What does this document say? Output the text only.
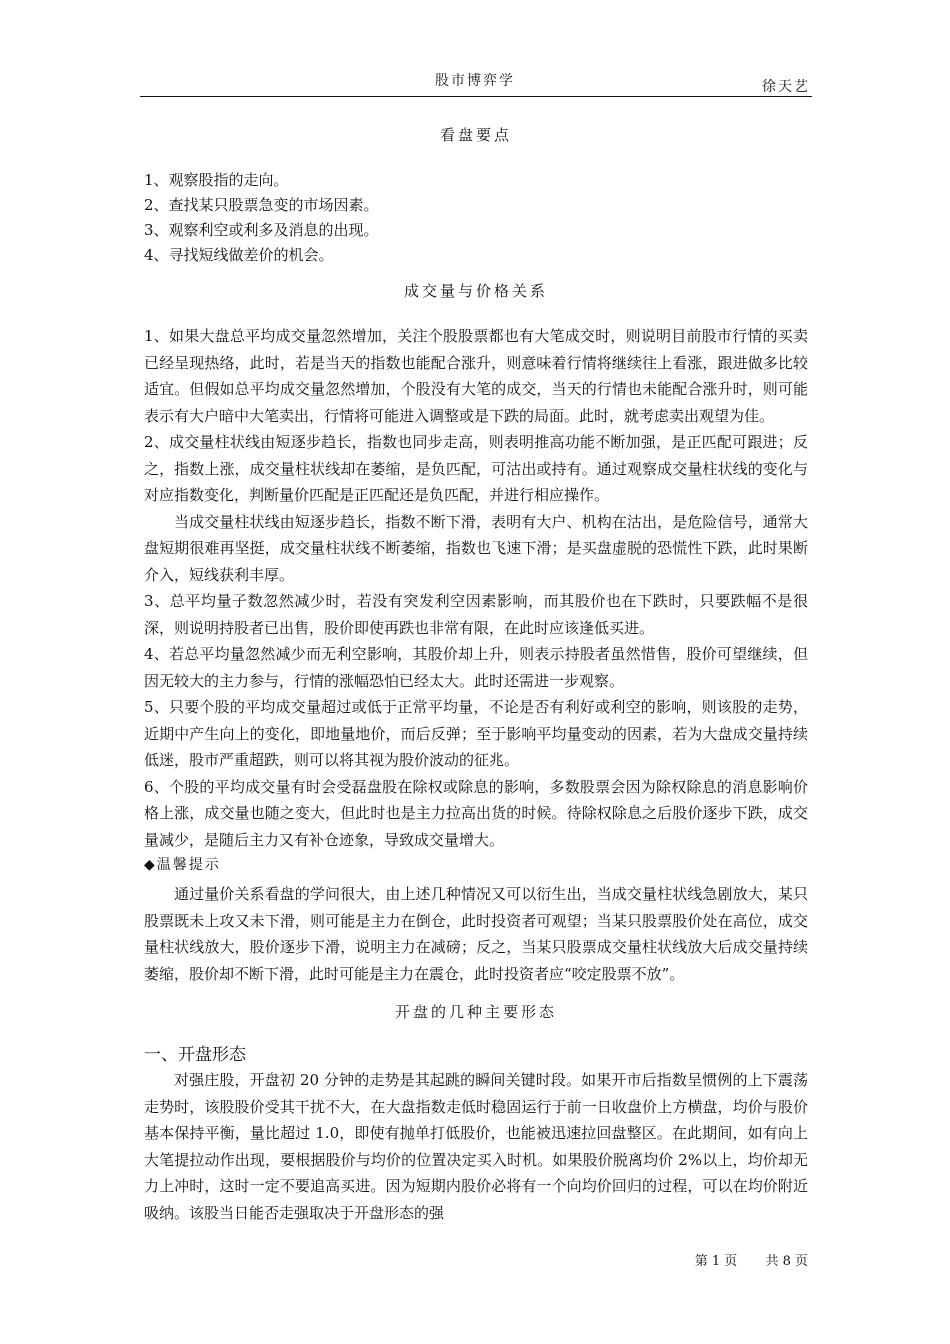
股市博弈学	徐天艺

看盘要点

1、观察股指的走向。

2、查找某只股票急变的市场因素。

3、观察利空或利多及消息的出现。

4、寻找短线做差价的机会。

成交量与价格关系

1、如果大盘总平均成交量忽然增加，关注个股股票都也有大笔成交时，则说明目前股市行情的买卖已经呈现热络，此时，若是当天的指数也能配合涨升，则意味着行情将继续往上看涨，跟进做多比较适宜。但假如总平均成交量忽然增加，个股没有大笔的成交，当天的行情也未能配合涨升时，则可能表示有大户暗中大笔卖出，行情将可能进入调整或是下跌的局面。此时，就考虑卖出观望为佳。

2、成交量柱状线由短逐步趋长，指数也同步走高，则表明推高功能不断加强，是正匹配可跟进；反之，指数上涨，成交量柱状线却在萎缩，是负匹配，可沽出或持有。通过观察成交量柱状线的变化与对应指数变化，判断量价匹配是正匹配还是负匹配，并进行相应操作。

当成交量柱状线由短逐步趋长，指数不断下滑，表明有大户、机构在沽出，是危险信号，通常大盘短期很难再坚挺，成交量柱状线不断萎缩，指数也飞速下滑；是买盘虚脱的恐慌性下跌，此时果断介入，短线获利丰厚。

3、总平均量子数忽然减少时，若没有突发利空因素影响，而其股价也在下跌时，只要跌幅不是很深，则说明持股者已出售，股价即使再跌也非常有限，在此时应该逢低买进。

4、若总平均量忽然减少而无利空影响，其股价却上升，则表示持股者虽然惜售，股价可望继续，但因无较大的主力参与，行情的涨幅恐怕已经太大。此时还需进一步观察。

5、只要个股的平均成交量超过或低于正常平均量，不论是否有利好或利空的影响，则该股的走势，近期中产生向上的变化，即地量地价，而后反弹；至于影响平均量变动的因素，若为大盘成交量持续低迷，股市严重超跌，则可以将其视为股价波动的征兆。

6、个股的平均成交量有时会受磊盘股在除权或除息的影响，多数股票会因为除权除息的消息影响价格上涨，成交量也随之变大，但此时也是主力拉高出货的时候。待除权除息之后股价逐步下跌，成交量减少，是随后主力又有补仓迹象，导致成交量增大。

◆温馨提示

通过量价关系看盘的学问很大，由上述几种情况又可以衍生出，当成交量柱状线急剧放大，某只股票既未上攻又未下滑，则可能是主力在倒仓，此时投资者可观望；当某只股票股价处在高位，成交量柱状线放大，股价逐步下滑，说明主力在减磅；反之，当某只股票成交量柱状线放大后成交量持续萎缩，股价却不断下滑，此时可能是主力在震仓，此时投资者应“咬定股票不放”。

开盘的几种主要形态

一、开盘形态

对强庄股，开盘初 20 分钟的走势是其起跳的瞬间关键时段。如果开市后指数呈惯例的上下震荡走势时，该股股价受其干扰不大，在大盘指数走低时稳固运行于前一日收盘价上方横盘，均价与股价基本保持平衡，量比超过 1.0，即使有抛单打低股价，也能被迅速拉回盘整区。在此期间，如有向上大笔提拉动作出现，要根据股价与均价的位置决定买入时机。如果股价脱离均价 2%以上，均价却无力上冲时，这时一定不要追高买进。因为短期内股价必将有一个向均价回归的过程，可以在均价附近吸纳。该股当日能否走强取决于开盘形态的强

第 1 页 共 8 页
